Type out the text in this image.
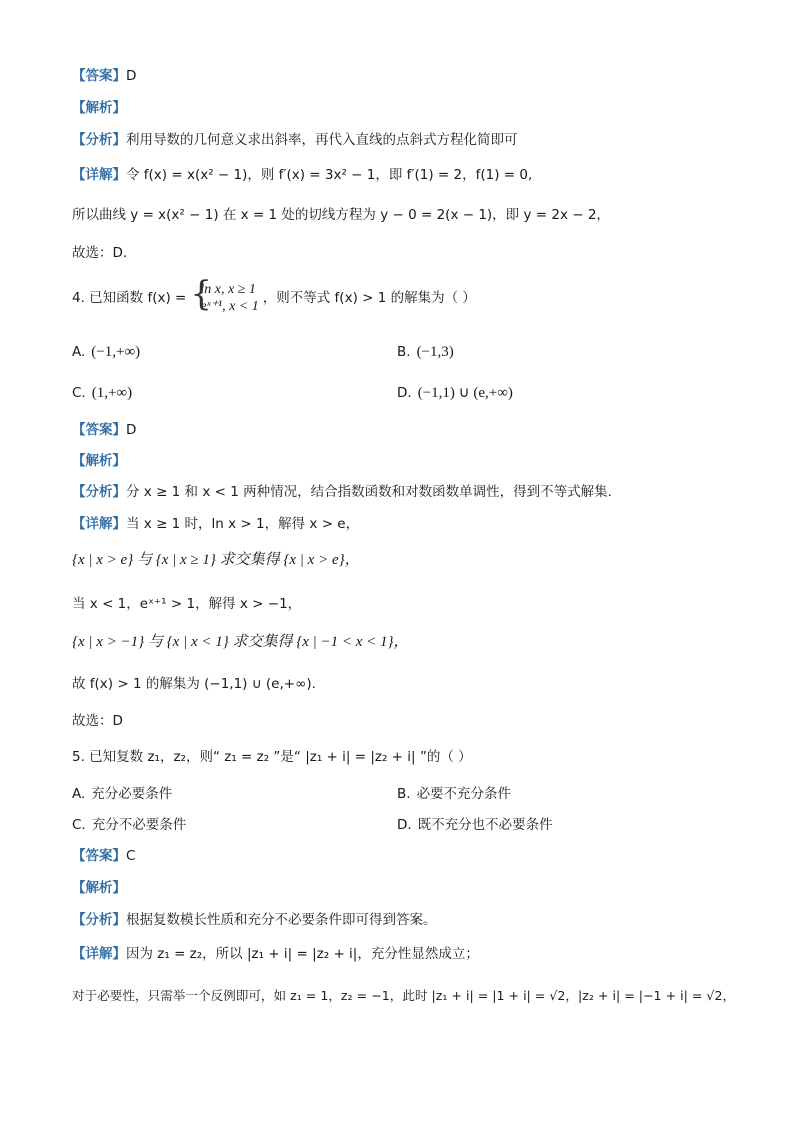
【答案】D
【解析】
【分析】利用导数的几何意义求出斜率，再代入直线的点斜式方程化简即可
【详解】令 f(x) = x(x² − 1)，则 f′(x) = 3x² − 1，即 f′(1) = 2，f(1) = 0,
所以曲线 y = x(x² − 1) 在 x = 1 处的切线方程为 y − 0 = 2(x − 1)，即 y = 2x − 2，
故选：D.
4. 已知函数 f(x) = {
ln x, x ≥ 1
eˣ⁺¹, x < 1
，则不等式 f(x) > 1 的解集为（ ）
A. (−1,+∞)	B. (−1,3)
C. (1,+∞)	D. (−1,1) ∪ (e,+∞)
【答案】D
【解析】
【分析】分 x ≥ 1 和 x < 1 两种情况，结合指数函数和对数函数单调性，得到不等式解集.
【详解】当 x ≥ 1 时，ln x > 1，解得 x > e，
{x | x > e} 与 {x | x ≥ 1} 求交集得 {x | x > e}，
当 x < 1，eˣ⁺¹ > 1，解得 x > −1，
{x | x > −1} 与 {x | x < 1} 求交集得 {x | −1 < x < 1}，
故 f(x) > 1 的解集为 (−1,1) ∪ (e,+∞).
故选：D
5. 已知复数 z₁，z₂，则“ z₁ = z₂ ”是“ |z₁ + i| = |z₂ + i| ”的（ ）
A. 充分必要条件	B. 必要不充分条件
C. 充分不必要条件	D. 既不充分也不必要条件
【答案】C
【解析】
【分析】根据复数模长性质和充分不必要条件即可得到答案。
【详解】因为 z₁ = z₂，所以 |z₁ + i| = |z₂ + i|，充分性显然成立；
对于必要性，只需举一个反例即可，如 z₁ = 1，z₂ = −1，此时 |z₁ + i| = |1 + i| = √2，|z₂ + i| = |−1 + i| = √2，
